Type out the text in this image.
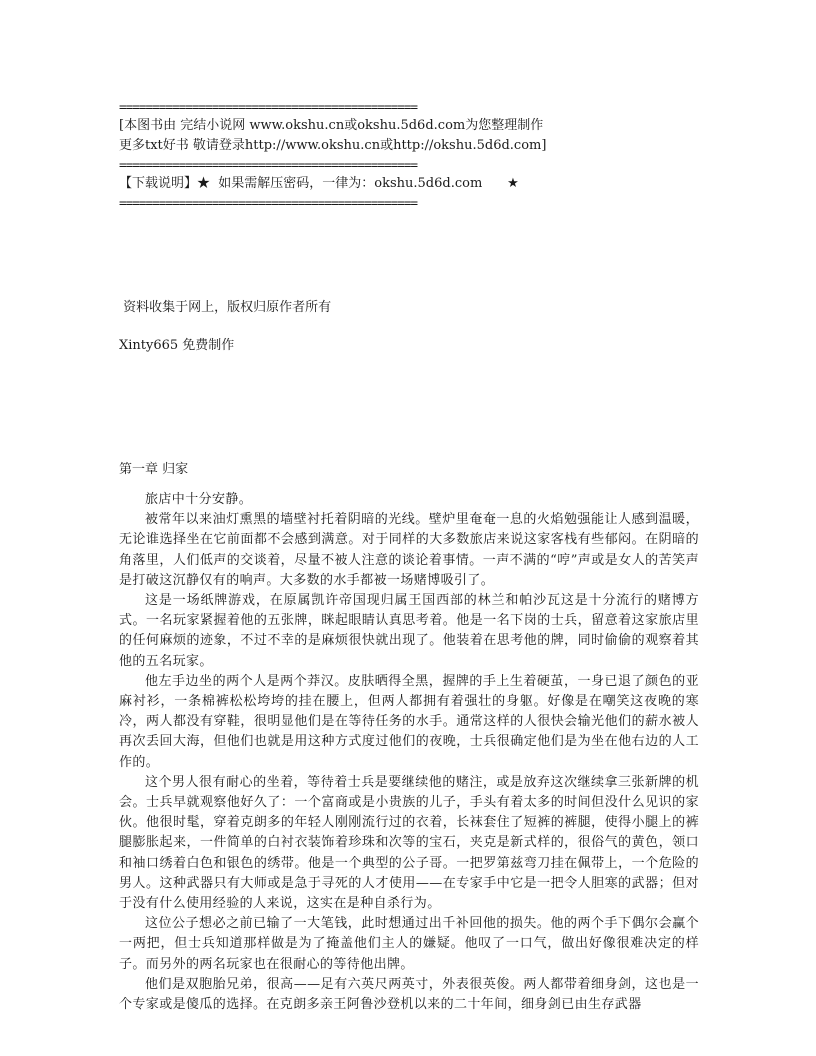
=============================================
[本图书由 完结小说网 www.okshu.cn或okshu.5d6d.com为您整理制作
更多txt好书 敬请登录http://www.okshu.cn或http://okshu.5d6d.com]
=============================================
【下载说明】★  如果需解压密码，一律为：okshu.5d6d.com      ★
=============================================
资料收集于网上，版权归原作者所有
Xinty665 免费制作
第一章 归家

旅店中十分安静。

被常年以来油灯熏黑的墙壁衬托着阴暗的光线。壁炉里奄奄一息的火焰勉强能让人感到温暖，无论谁选择坐在它前面都不会感到满意。对于同样的大多数旅店来说这家客栈有些郁闷。在阴暗的角落里，人们低声的交谈着，尽量不被人注意的谈论着事情。一声不满的“哼”声或是女人的苦笑声是打破这沉静仅有的响声。大多数的水手都被一场赌博吸引了。

这是一场纸牌游戏，在原属凯许帝国现归属王国西部的林兰和帕沙瓦这是十分流行的赌博方式。一名玩家紧握着他的五张牌，眯起眼睛认真思考着。他是一名下岗的士兵，留意着这家旅店里的任何麻烦的迹象，不过不幸的是麻烦很快就出现了。他装着在思考他的牌，同时偷偷的观察着其他的五名玩家。

他左手边坐的两个人是两个莽汉。皮肤晒得全黑，握牌的手上生着硬茧，一身已退了颜色的亚麻衬衫，一条棉裤松松垮垮的挂在腰上，但两人都拥有着强壮的身躯。好像是在嘲笑这夜晚的寒冷，两人都没有穿鞋，很明显他们是在等待任务的水手。通常这样的人很快会输光他们的薪水被人再次丢回大海，但他们也就是用这种方式度过他们的夜晚，士兵很确定他们是为坐在他右边的人工作的。

这个男人很有耐心的坐着，等待着士兵是要继续他的赌注，或是放弃这次继续拿三张新牌的机会。士兵早就观察他好久了：一个富商或是小贵族的儿子，手头有着太多的时间但没什么见识的家伙。他很时髦，穿着克朗多的年轻人刚刚流行过的衣着，长袜套住了短裤的裤腿，使得小腿上的裤腿膨胀起来，一件简单的白衬衣装饰着珍珠和次等的宝石，夹克是新式样的，很俗气的黄色，领口和袖口绣着白色和银色的绣带。他是一个典型的公子哥。一把罗第兹弯刀挂在佩带上，一个危险的男人。这种武器只有大师或是急于寻死的人才使用——在专家手中它是一把令人胆寒的武器；但对于没有什么使用经验的人来说，这实在是种自杀行为。

这位公子想必之前已输了一大笔钱，此时想通过出千补回他的损失。他的两个手下偶尔会赢个一两把，但士兵知道那样做是为了掩盖他们主人的嫌疑。他叹了一口气，做出好像很难决定的样子。而另外的两名玩家也在很耐心的等待他出牌。

他们是双胞胎兄弟，很高——足有六英尺两英寸，外表很英俊。两人都带着细身剑，这也是一个专家或是傻瓜的选择。在克朗多亲王阿鲁沙登机以来的二十年间，细身剑已由生存武器
